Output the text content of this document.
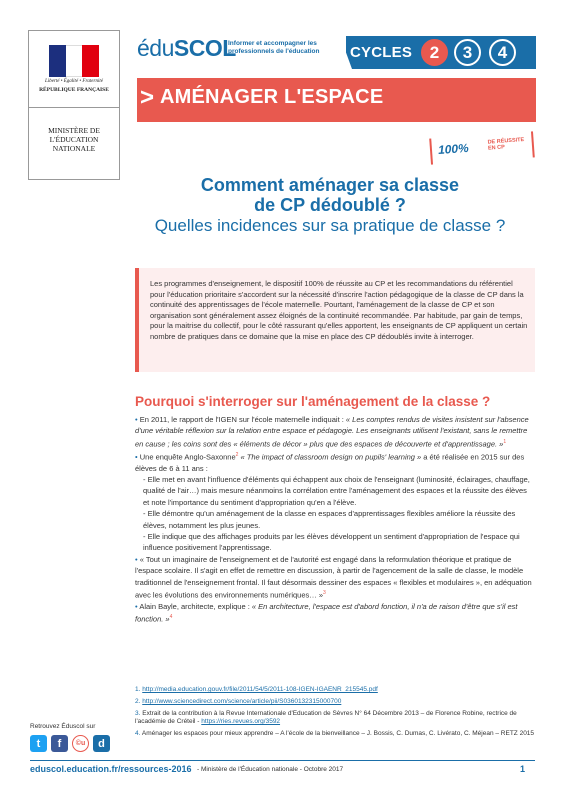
Liberté • Égalité • Fraternité
RÉPUBLIQUE FRANÇAISE
MINISTÈRE DE L'ÉDUCATION NATIONALE
éduSCOL
Informer et accompagner les professionnels de l'éducation	CYCLES	2	3	4
> AMÉNAGER L'ESPACE
100%	DE RÉUSSITE
EN CP
Comment aménager sa classe
de CP dédoublé ?
Quelles incidences sur sa pratique de classe ?
Les programmes d'enseignement, le dispositif 100% de réussite au CP et les recommandations du référentiel pour l'éducation prioritaire s'accordent sur la nécessité d'inscrire l'action pédagogique de la classe de CP dans la continuité des apprentissages de l'école maternelle. Pourtant, l'aménagement de la classe de CP et son organisation sont généralement assez éloignés de la continuité recommandée. Par habitude, par gain de temps, pour la maitrise du collectif, pour le côté rassurant qu'elles apportent, les enseignants de CP appliquent un certain nombre de pratiques dans ce domaine que la mise en place des CP dédoublés invite à interroger.
Pourquoi s'interroger sur l'aménagement de la classe ?

• En 2011, le rapport de l'IGEN sur l'école maternelle indiquait : « Les comptes rendus de visites insistent sur l'absence d'une véritable réflexion sur la relation entre espace et pédagogie. Les enseignants utilisent l'existant, sans le remettre en cause ; les coins sont des « éléments de décor » plus que des espaces de découverte et d'apprentissage. »$^1$

• Une enquête Anglo-Saxonne$^2$ « The impact of classroom design on pupils' learning » a été réalisée en 2015 sur des élèves de 6 à 11 ans :

- Elle met en avant l'influence d'éléments qui échappent aux choix de l'enseignant (luminosité, éclairages, chauffage, qualité de l'air…) mais mesure néanmoins la corrélation entre l'aménagement des espaces et la réussite des élèves et note l'importance du sentiment d'appropriation qu'en a l'élève.

- Elle démontre qu'un aménagement de la classe en espaces d'apprentissages flexibles améliore la réussite des élèves, notamment les plus jeunes.

- Elle indique que des affichages produits par les élèves développent un sentiment d'appropriation de l'espace qui influence positivement l'apprentissage.

• « Tout un imaginaire de l'enseignement et de l'autorité est engagé dans la reformulation théorique et pratique de l'espace scolaire. Il s'agit en effet de remettre en discussion, à partir de l'agencement de la salle de classe, le modèle traditionnel de l'enseignement frontal. Il faut désormais dessiner des espaces « flexibles et modulaires », en adéquation avec les évolutions des environnements numériques… »$^3$

• Alain Bayle, architecte, explique : « En architecture, l'espace est d'abord fonction, il n'a de raison d'être que s'il est fonction. »$^4$

1. http://media.education.gouv.fr/file/2011/54/5/2011-108-IGEN-IGAENR_215545.pdf
2. http://www.sciencedirect.com/science/article/pii/S0360132315000700
3. Extrait de la contribution à la Revue Internationale d'Education de Sèvres N° 64 Décembre 2013 – de Florence Robine, rectrice de l'académie de Créteil - https://ries.revues.org/3592
4. Aménager les espaces pour mieux apprendre – A l'école de la bienveillance – J. Bossis, C. Dumas, C. Livérato, C. Méjean – RETZ 2015
Retrouvez Éduscol sur
t	f	©u	d
eduscol.education.fr/ressources-2016 - Ministère de l'Éducation nationale - Octobre 2017	1
